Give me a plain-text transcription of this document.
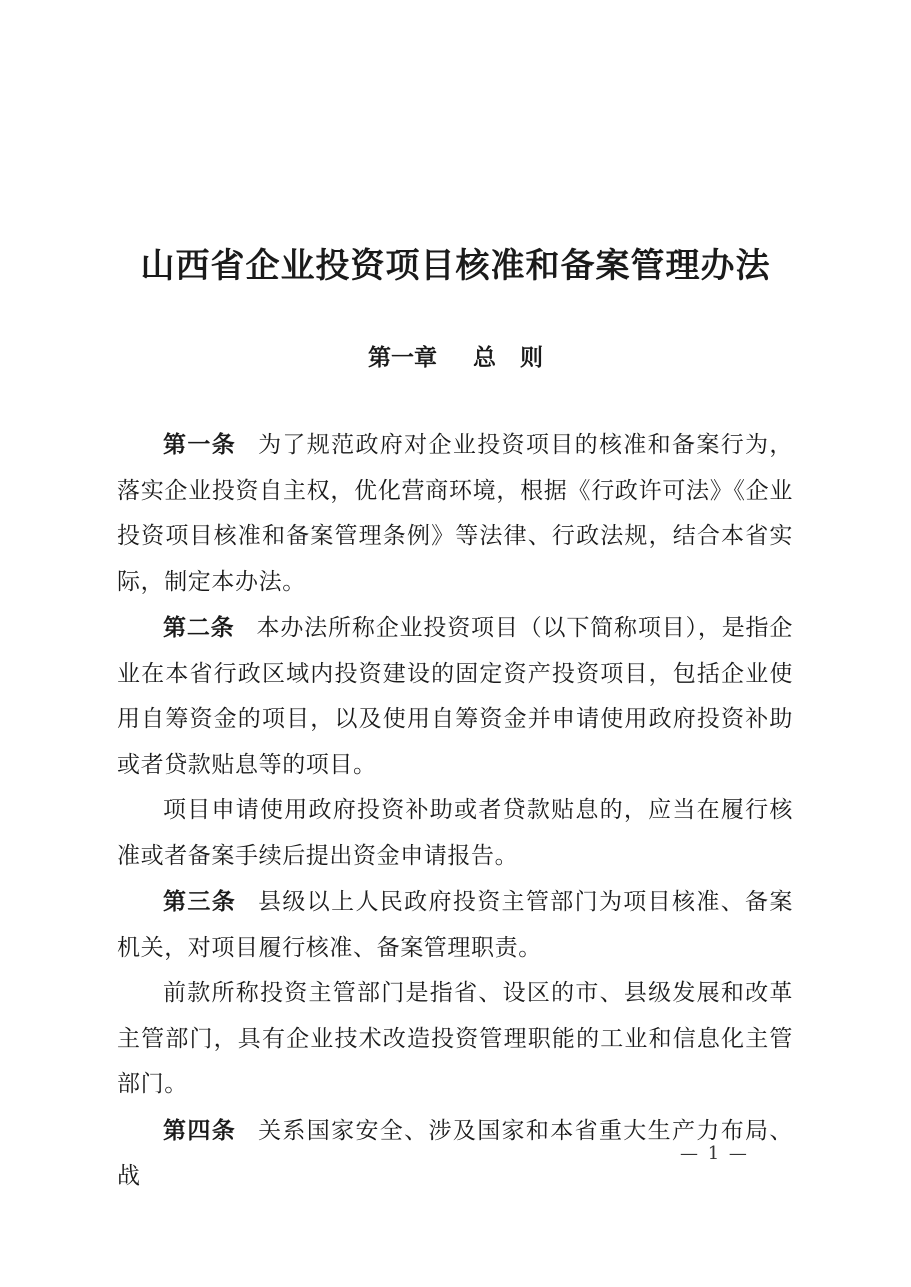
山西省企业投资项目核准和备案管理办法
第一章 总 则

第一条 为了规范政府对企业投资项目的核准和备案行为，落实企业投资自主权，优化营商环境，根据《行政许可法》《企业投资项目核准和备案管理条例》等法律、行政法规，结合本省实际，制定本办法。

第二条 本办法所称企业投资项目（以下简称项目），是指企业在本省行政区域内投资建设的固定资产投资项目，包括企业使用自筹资金的项目，以及使用自筹资金并申请使用政府投资补助或者贷款贴息等的项目。

项目申请使用政府投资补助或者贷款贴息的，应当在履行核准或者备案手续后提出资金申请报告。

第三条 县级以上人民政府投资主管部门为项目核准、备案机关，对项目履行核准、备案管理职责。

前款所称投资主管部门是指省、设区的市、县级发展和改革主管部门，具有企业技术改造投资管理职能的工业和信息化主管部门。

第四条 关系国家安全、涉及国家和本省重大生产力布局、战

— 1 —
